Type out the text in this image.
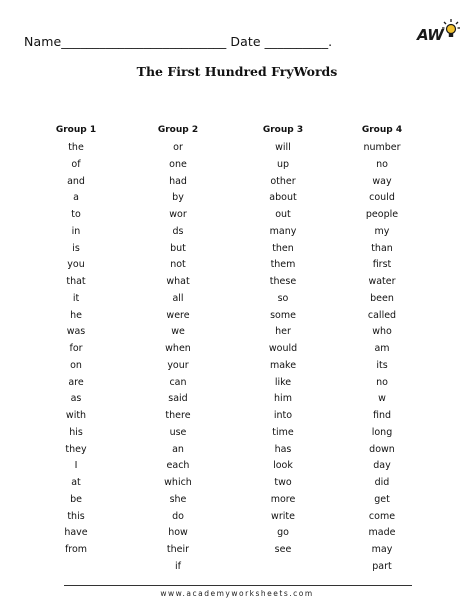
Name__________________________ Date __________.	AW
The First Hundred FryWords
Group 1
the
of
and
a
to
in
is
you
that
it
he
was
for
on
are
as
with
his
they
I
at
be
this
have
from
Group 2
or
one
had
by
wor
ds
but
not
what
all
were
we
when
your
can
said
there
use
an
each
which
she
do
how
their
if
Group 3
will
up
other
about
out
many
then
them
these
so
some
her
would
make
like
him
into
time
has
look
two
more
write
go
see
Group 4
number
no
way
could
people
my
than
first
water
been
called
who
am
its
no
w
find
long
down
day
did
get
come
made
may
part
www.academyworksheets.com
